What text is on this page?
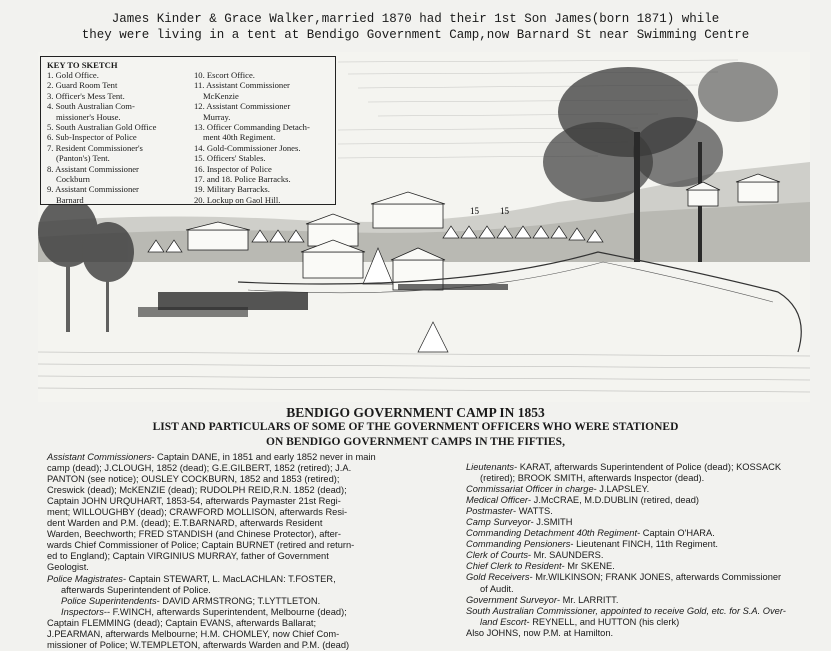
James Kinder & Grace Walker,married 1870 had their 1st Son James(born 1871) while
they were living in a tent at Bendigo Government Camp,now Barnard St near Swimming Centre
15 15
KEY TO SKETCH
1. Gold Office.
2. Guard Room Tent
3. Officer's Mess Tent.
4. South Australian Com-
missioner's House.
5. South Australian Gold Office
6. Sub-Inspector of Police
7. Resident Commissioner's
(Panton's) Tent.
8. Assistant Commissioner
Cockburn
9. Assistant Commissioner
Barnard
10. Escort Office.
11. Assistant Commissioner
McKenzie
12. Assistant Commissioner
Murray.
13. Officer Commanding Detach-
ment 40th Regiment.
14. Gold-Commissioner Jones.
15. Officers' Stables.
16. Inspector of Police
17. and 18. Police Barracks.
19. Military Barracks.
20. Lockup on Gaol Hill.
BENDIGO GOVERNMENT CAMP IN 1853
LIST AND PARTICULARS OF SOME OF THE GOVERNMENT OFFICERS WHO WERE STATIONED
ON BENDIGO GOVERNMENT CAMPS IN THE FIFTIES,

Assistant Commissioners- Captain DANE, in 1851 and early 1852 never in main

camp (dead); J.CLOUGH, 1852 (dead); G.E.GILBERT, 1852 (retired); J.A.

PANTON (see notice); OUSLEY COCKBURN, 1852 and 1853 (retired);

Creswick (dead); McKENZIE (dead); RUDOLPH REID,R.N. 1852 (dead);

Captain JOHN URQUHART, 1853-54, afterwards Paymaster 21st Regi-

ment; WILLOUGHBY (dead); CRAWFORD MOLLISON, afterwards Resi-

dent Warden and P.M. (dead); E.T.BARNARD, afterwards Resident

Warden, Beechworth; FRED STANDISH (and Chinese Protector), after-

wards Chief Commissioner of Police; Captain BURNET (retired and return-

ed to England); Captain VIRGINIUS MURRAY, father of Government

Geologist.

Police Magistrates- Captain STEWART, L. MacLACHLAN: T.FOSTER,

afterwards Superintendent of Police.

Police Superintendents- DAVID ARMSTRONG; T.LYTTLETON.

Inspectors-- F.WINCH, afterwards Superintendent, Melbourne (dead);

Captain FLEMMING (dead); Captain EVANS, afterwards Ballarat;

J.PEARMAN, afterwards Melbourne; H.M. CHOMLEY, now Chief Com-

missioner of Police; W.TEMPLETON, afterwards Warden and P.M. (dead)

Lieutenants- KARAT, afterwards Superintendent of Police (dead); KOSSACK

(retired); BROOK SMITH, afterwards Inspector (dead).

Commissariat Officer in charge- J.LAPSLEY.

Medical Officer- J.McCRAE, M.D.DUBLIN (retired, dead)

Postmaster- WATTS.

Camp Surveyor- J.SMITH

Commanding Detachment 40th Regiment- Captain O'HARA.

Commanding Pensioners- Lieutenant FINCH, 11th Regiment.

Clerk of Courts- Mr. SAUNDERS.

Chief Clerk to Resident- Mr SKENE.

Gold Receivers- Mr.WILKINSON; FRANK JONES, afterwards Commissioner

of Audit.

Government Surveyor- Mr. LARRITT.

South Australian Commissioner, appointed to receive Gold, etc. for S.A. Over-

land Escort- REYNELL, and HUTTON (his clerk)

Also JOHNS, now P.M. at Hamilton.
